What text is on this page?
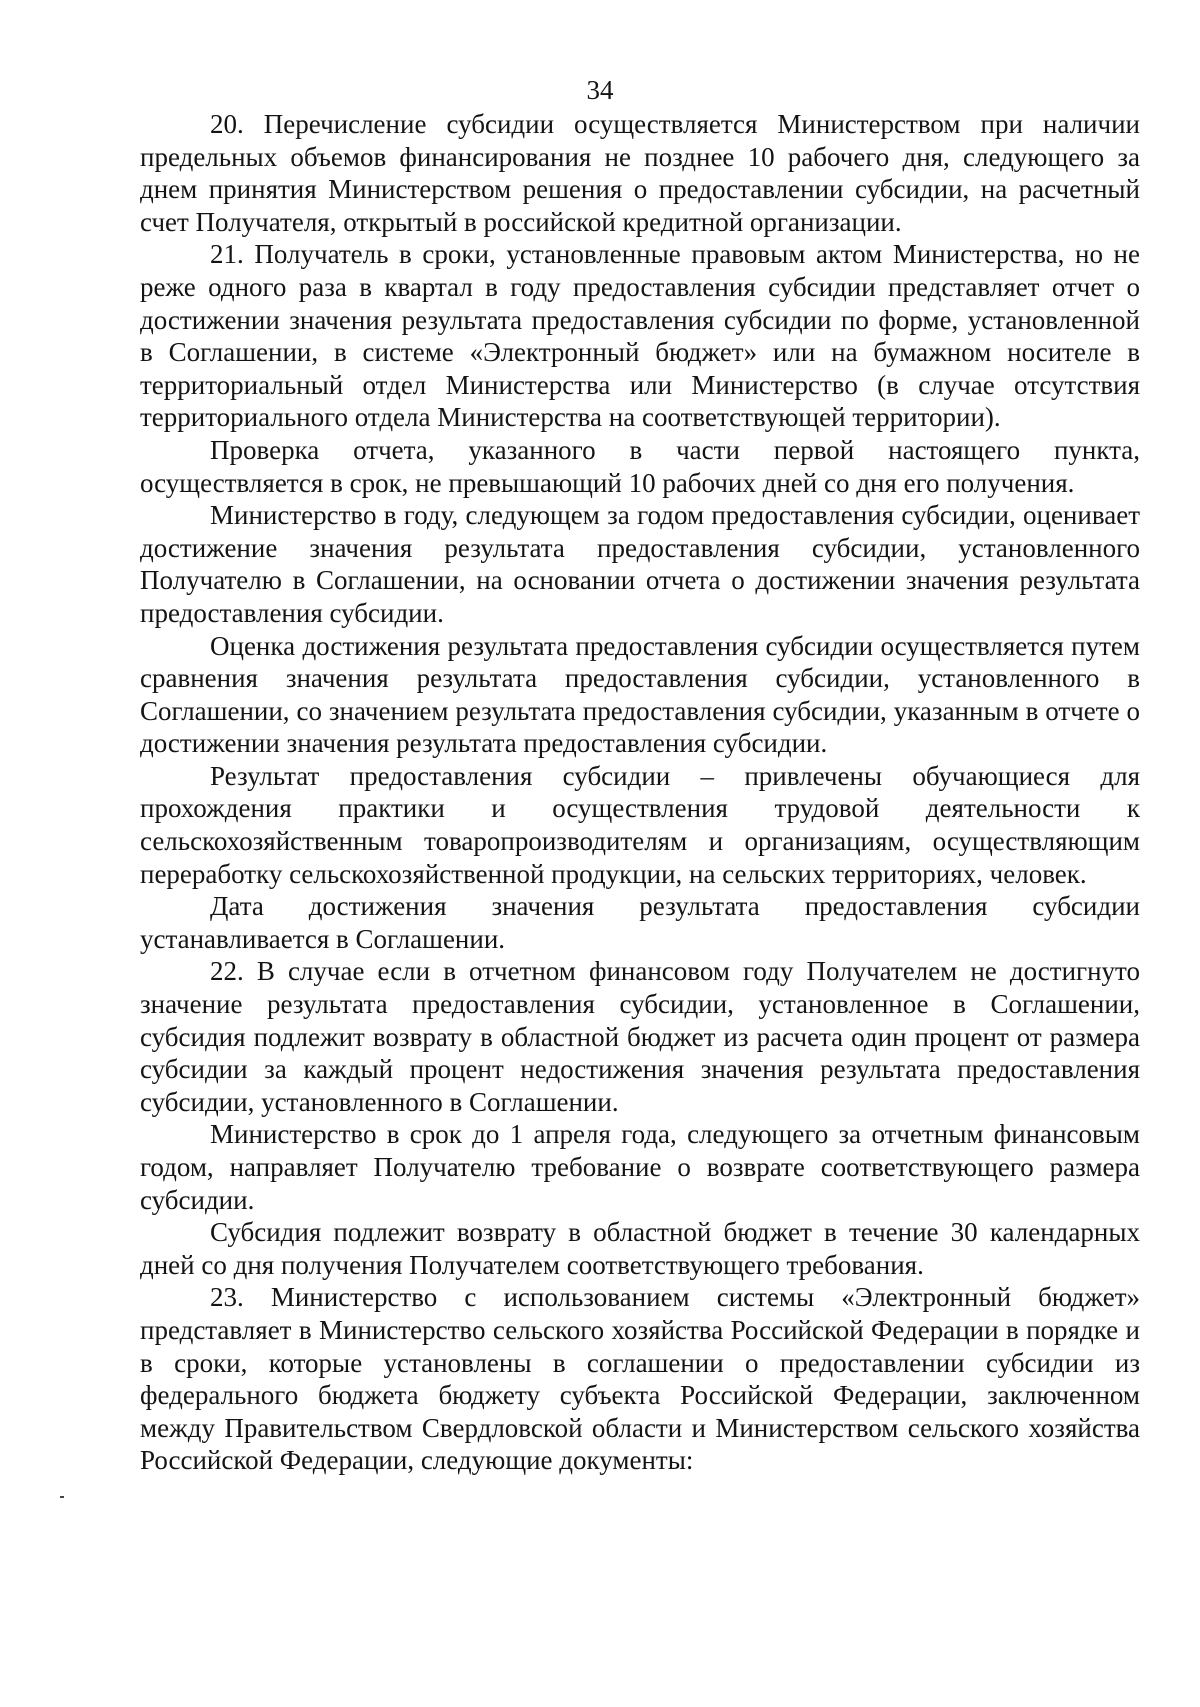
34

20. Перечисление субсидии осуществляется Министерством при наличии предельных объемов финансирования не позднее 10 рабочего дня, следующего за днем принятия Министерством решения о предоставлении субсидии, на расчетный счет Получателя, открытый в российской кредитной организации.

21. Получатель в сроки, установленные правовым актом Министерства, но не реже одного раза в квартал в году предоставления субсидии представляет отчет о достижении значения результата предоставления субсидии по форме, установленной в Соглашении, в системе «Электронный бюджет» или на бумажном носителе в территориальный отдел Министерства или Министерство (в случае отсутствия территориального отдела Министерства на соответствующей территории).

Проверка отчета, указанного в части первой настоящего пункта, осуществляется в срок, не превышающий 10 рабочих дней со дня его получения.

Министерство в году, следующем за годом предоставления субсидии, оценивает достижение значения результата предоставления субсидии, установленного Получателю в Соглашении, на основании отчета о достижении значения результата предоставления субсидии.

Оценка достижения результата предоставления субсидии осуществляется путем сравнения значения результата предоставления субсидии, установленного в Соглашении, со значением результата предоставления субсидии, указанным в отчете о достижении значения результата предоставления субсидии.

Результат предоставления субсидии – привлечены обучающиеся для прохождения практики и осуществления трудовой деятельности к сельскохозяйственным товаропроизводителям и организациям, осуществляющим переработку сельскохозяйственной продукции, на сельских территориях, человек.

Дата достижения значения результата предоставления субсидии устанавливается в Соглашении.

22. В случае если в отчетном финансовом году Получателем не достигнуто значение результата предоставления субсидии, установленное в Соглашении, субсидия подлежит возврату в областной бюджет из расчета один процент от размера субсидии за каждый процент недостижения значения результата предоставления субсидии, установленного в Соглашении.

Министерство в срок до 1 апреля года, следующего за отчетным финансовым годом, направляет Получателю требование о возврате соответствующего размера субсидии.

Субсидия подлежит возврату в областной бюджет в течение 30 календарных дней со дня получения Получателем соответствующего требования.

23. Министерство с использованием системы «Электронный бюджет» представляет в Министерство сельского хозяйства Российской Федерации в порядке и в сроки, которые установлены в соглашении о предоставлении субсидии из федерального бюджета бюджету субъекта Российской Федерации, заключенном между Правительством Свердловской области и Министерством сельского хозяйства Российской Федерации, следующие документы:
